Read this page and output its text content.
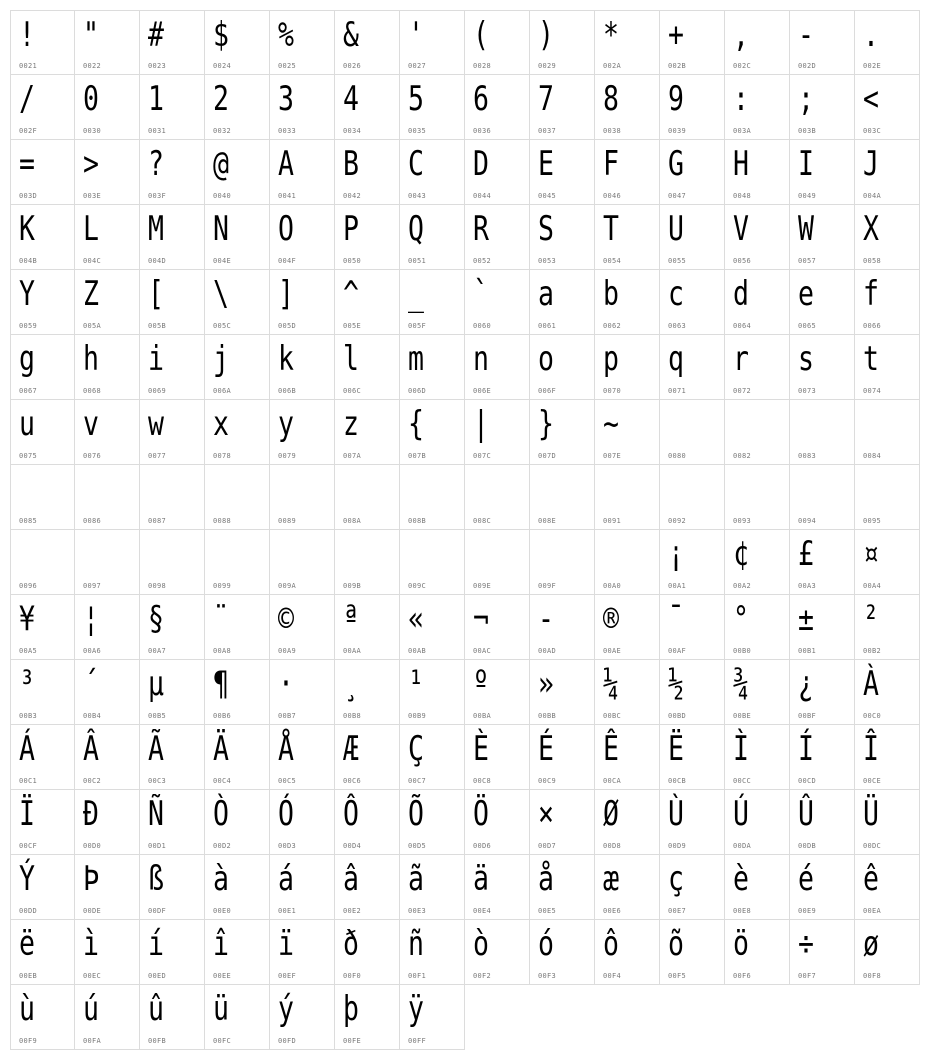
!
0021
"
0022
#
0023
$
0024
%
0025
&
0026
'
0027
(
0028
)
0029
*
002A
+
002B
,
002C
-
002D
.
002E
/
002F
0
0030
1
0031
2
0032
3
0033
4
0034
5
0035
6
0036
7
0037
8
0038
9
0039
:
003A
;
003B
<
003C
=
003D
>
003E
?
003F
@
0040
A
0041
B
0042
C
0043
D
0044
E
0045
F
0046
G
0047
H
0048
I
0049
J
004A
K
004B
L
004C
M
004D
N
004E
O
004F
P
0050
Q
0051
R
0052
S
0053
T
0054
U
0055
V
0056
W
0057
X
0058
Y
0059
Z
005A
[
005B
\
005C
]
005D
^
005E
_
005F
`
0060
a
0061
b
0062
c
0063
d
0064
e
0065
f
0066
g
0067
h
0068
i
0069
j
006A
k
006B
l
006C
m
006D
n
006E
o
006F
p
0070
q
0071
r
0072
s
0073
t
0074
u
0075
v
0076
w
0077
x
0078
y
0079
z
007A
{
007B
|
007C
}
007D
~
007E	0080	0082	0083	0084
0085	0086	0087	0088	0089	008A	008B	008C	008E	0091	0092	0093	0094	0095
0096	0097	0098	0099	009A	009B	009C	009E	009F	00A0
¡
00A1
¢
00A2
£
00A3
¤
00A4
¥
00A5
¦
00A6
§
00A7
¨
00A8
©
00A9
ª
00AA
«
00AB
¬
00AC
-
00AD
®
00AE
¯
00AF
°
00B0
±
00B1
²
00B2
³
00B3
´
00B4
µ
00B5
¶
00B6
·
00B7
¸
00B8
¹
00B9
º
00BA
»
00BB
¼
00BC
½
00BD
¾
00BE
¿
00BF
À
00C0
Á
00C1
Â
00C2
Ã
00C3
Ä
00C4
Å
00C5
Æ
00C6
Ç
00C7
È
00C8
É
00C9
Ê
00CA
Ë
00CB
Ì
00CC
Í
00CD
Î
00CE
Ï
00CF
Đ
00D0
Ñ
00D1
Ò
00D2
Ó
00D3
Ô
00D4
Õ
00D5
Ö
00D6
×
00D7
Ø
00D8
Ù
00D9
Ú
00DA
Û
00DB
Ü
00DC
Ý
00DD
Þ
00DE
ß
00DF
à
00E0
á
00E1
â
00E2
ã
00E3
ä
00E4
å
00E5
æ
00E6
ç
00E7
è
00E8
é
00E9
ê
00EA
ë
00EB
ì
00EC
í
00ED
î
00EE
ï
00EF
ð
00F0
ñ
00F1
ò
00F2
ó
00F3
ô
00F4
õ
00F5
ö
00F6
÷
00F7
ø
00F8
ù
00F9
ú
00FA
û
00FB
ü
00FC
ý
00FD
þ
00FE
ÿ
00FF
